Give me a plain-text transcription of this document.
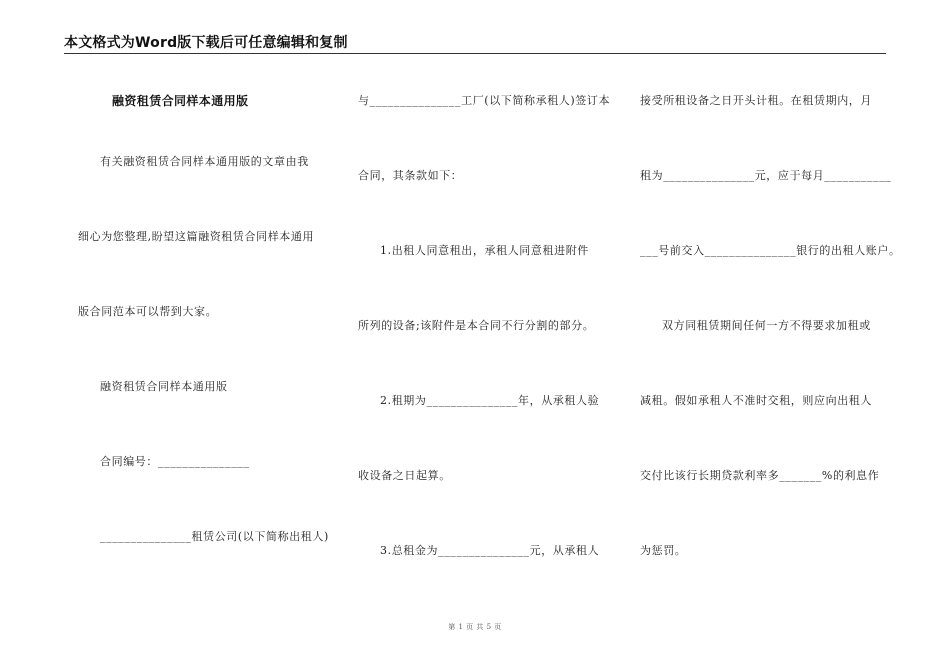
本文格式为Word版下载后可任意编辑和复制
融资租赁合同样本通用版
有关融资租赁合同样本通用版的文章由我
细心为您整理,盼望这篇融资租赁合同样本通用
版合同范本可以帮到大家。
融资租赁合同样本通用版
合同编号：_______________
_______________租赁公司(以下简称出租人)
与_______________工厂(以下简称承租人)签订本
合同，其条款如下：
1.出租人同意租出，承租人同意租进附件
所列的设备;该附件是本合同不行分割的部分。
2.租期为_______________年，从承租人验
收设备之日起算。
3.总租金为_______________元，从承租人
接受所租设备之日开头计租。在租赁期内，月
租为_______________元，应于每月___________
___号前交入_______________银行的出租人账户。
双方同租赁期间任何一方不得要求加租或
减租。假如承租人不准时交租，则应向出租人
交付比该行长期贷款利率多_______%的利息作
为惩罚。
第 1 页 共 5 页
